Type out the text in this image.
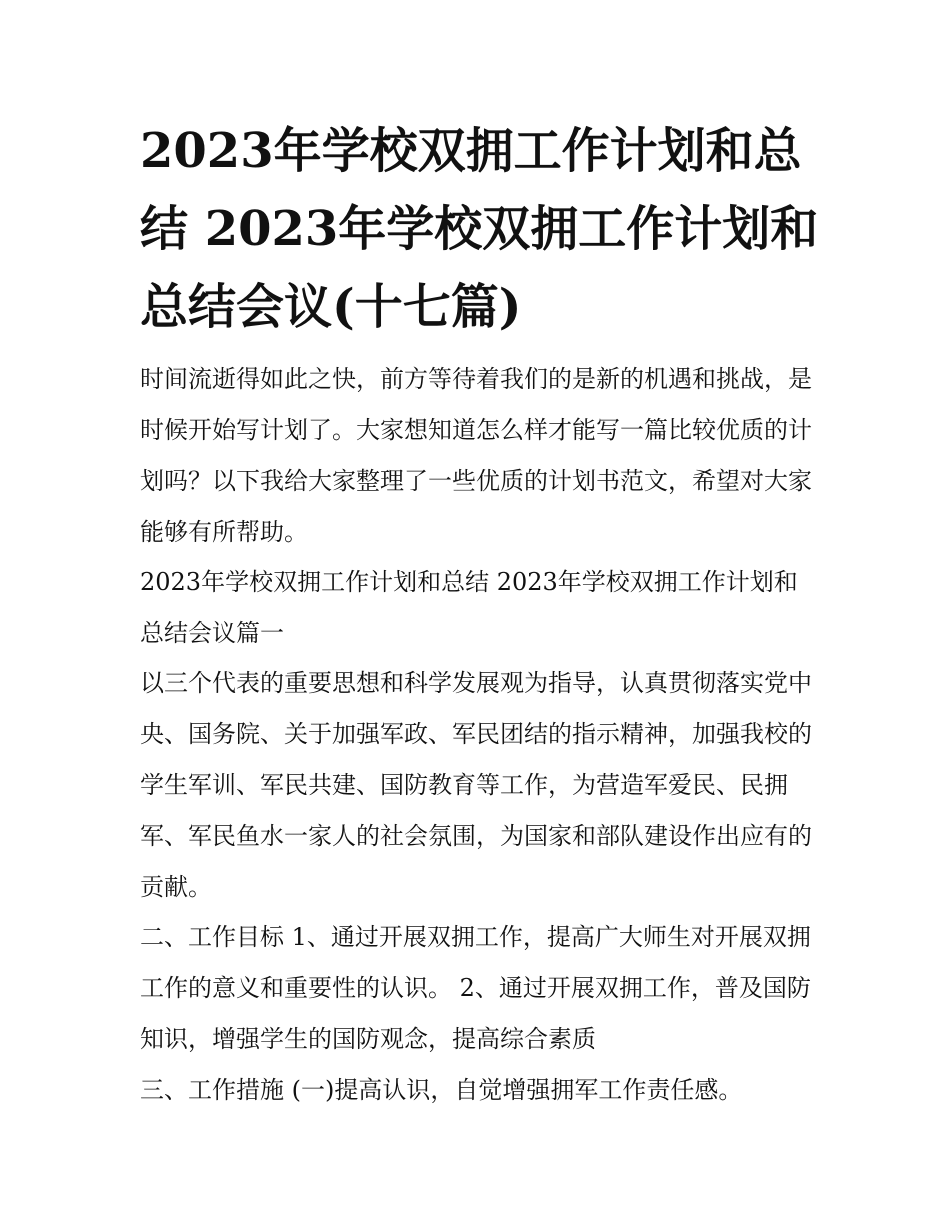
2023年学校双拥工作计划和总结 2023年学校双拥工作计划和总结会议(十七篇)

时间流逝得如此之快，前方等待着我们的是新的机遇和挑战，是时候开始写计划了。大家想知道怎么样才能写一篇比较优质的计划吗？以下我给大家整理了一些优质的计划书范文，希望对大家能够有所帮助。

2023年学校双拥工作计划和总结 2023年学校双拥工作计划和总结会议篇一

以三个代表的重要思想和科学发展观为指导，认真贯彻落实党中央、国务院、关于加强军政、军民团结的指示精神，加强我校的学生军训、军民共建、国防教育等工作，为营造军爱民、民拥军、军民鱼水一家人的社会氛围，为国家和部队建设作出应有的贡献。

二、工作目标 1、通过开展双拥工作，提高广大师生对开展双拥工作的意义和重要性的认识。 2、通过开展双拥工作，普及国防知识，增强学生的国防观念，提高综合素质

三、工作措施 (一)提高认识，自觉增强拥军工作责任感。
